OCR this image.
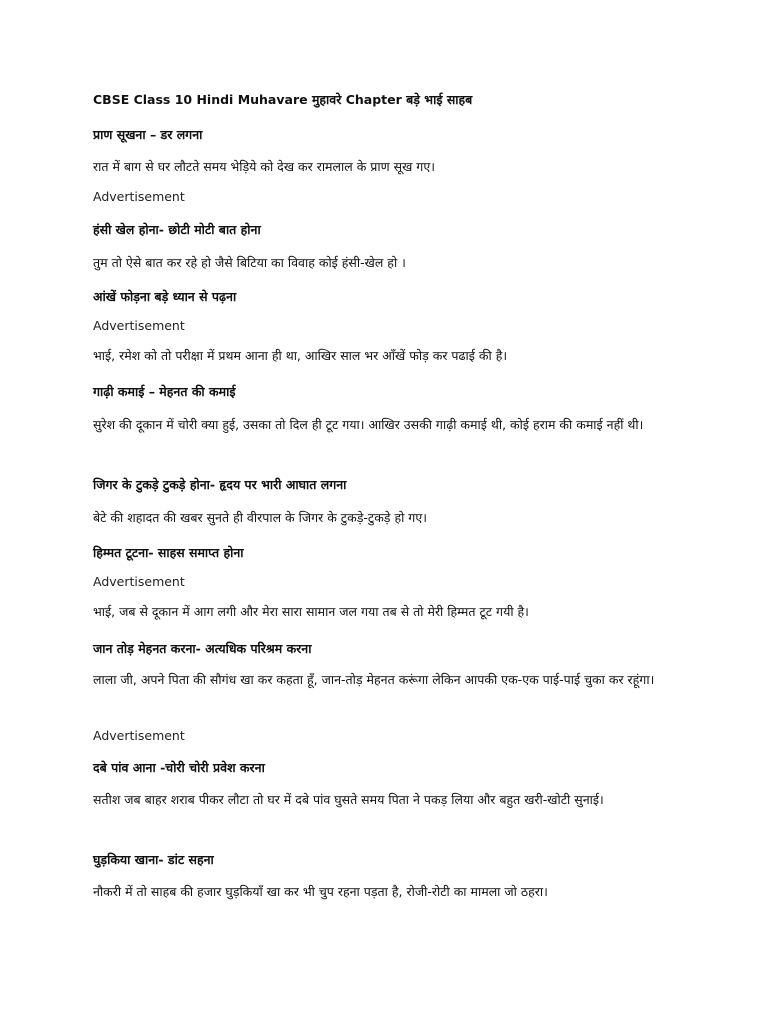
CBSE Class 10 Hindi Muhavare मुहावरे Chapter बड़े भाई साहब
प्राण सूखना – डर लगना
रात में बाग से घर लौटते समय भेड़िये को देख कर रामलाल के प्राण सूख गए।
Advertisement
हंसी खेल होना- छोटी मोटी बात होना
तुम तो ऐसे बात कर रहे हो जैसे बिटिया का विवाह कोई हंसी-खेल हो ।
आंखें फोड़ना बड़े ध्यान से पढ़ना
Advertisement
भाई, रमेश को तो परीक्षा में प्रथम आना ही था, आखिर साल भर आँखें फोड़ कर पढाई की है।
गाढ़ी कमाई – मेहनत की कमाई
सुरेश की दूकान में चोरी क्या हुई, उसका तो दिल ही टूट गया। आखिर उसकी गाढ़ी कमाई थी, कोई हराम की कमाई नहीं थी।
जिगर के टुकड़े टुकड़े होना- हृदय पर भारी आघात लगना
बेटे की शहादत की खबर सुनते ही वीरपाल के जिगर के टुकड़े-टुकड़े हो गए।
हिम्मत टूटना- साहस समाप्त होना
Advertisement
भाई, जब से दूकान में आग लगी और मेरा सारा सामान जल गया तब से तो मेरी हिम्मत टूट गयी है।
जान तोड़ मेहनत करना- अत्यधिक परिश्रम करना
लाला जी, अपने पिता की सौगंध खा कर कहता हूँ, जान-तोड़ मेहनत करूंगा लेकिन आपकी एक-एक पाई-पाई चुका कर रहूंगा।
Advertisement
दबे पांव आना -चोरी चोरी प्रवेश करना
सतीश जब बाहर शराब पीकर लौटा तो घर में दबे पांव घुसते समय पिता ने पकड़ लिया और बहुत खरी-खोटी सुनाई।
घुड़किया खाना- डांट सहना
नौकरी में तो साहब की हजार घुड़कियाँ खा कर भी चुप रहना पड़ता है, रोजी-रोटी का मामला जो ठहरा।
